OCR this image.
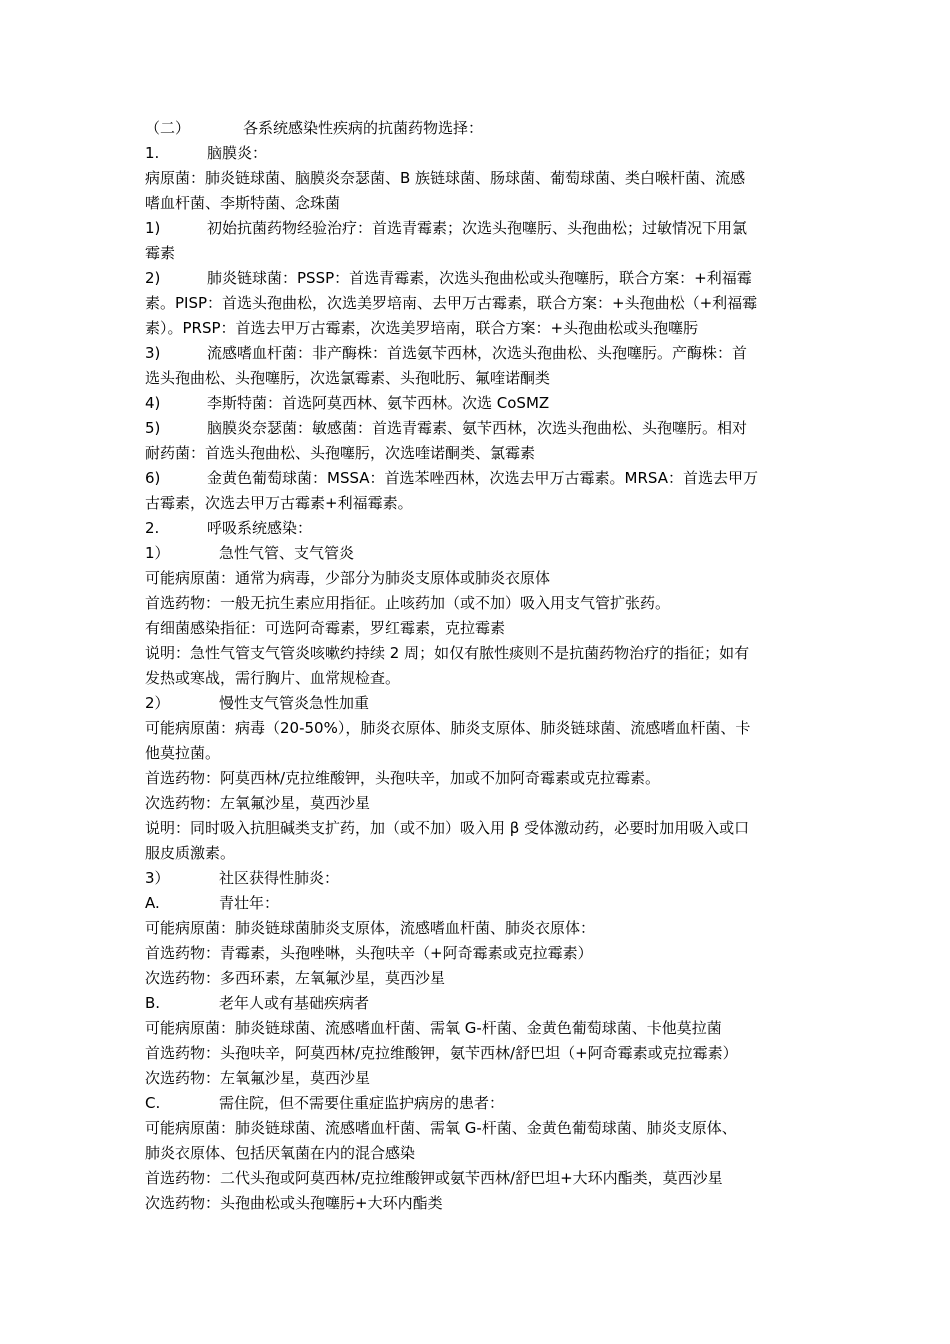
（二）	各系统感染性疾病的抗菌药物选择：
1.	脑膜炎：
病原菌：肺炎链球菌、脑膜炎奈瑟菌、B 族链球菌、肠球菌、葡萄球菌、类白喉杆菌、流感
嗜血杆菌、李斯特菌、念珠菌
1)	初始抗菌药物经验治疗：首选青霉素；次选头孢噻肟、头孢曲松；过敏情况下用氯
霉素
2)	肺炎链球菌：PSSP：首选青霉素，次选头孢曲松或头孢噻肟，联合方案：+利福霉
素。PISP：首选头孢曲松，次选美罗培南、去甲万古霉素，联合方案：+头孢曲松（+利福霉
素）。PRSP：首选去甲万古霉素，次选美罗培南，联合方案：+头孢曲松或头孢噻肟
3)	流感嗜血杆菌：非产酶株：首选氨苄西林，次选头孢曲松、头孢噻肟。产酶株：首
选头孢曲松、头孢噻肟，次选氯霉素、头孢吡肟、氟喹诺酮类
4)	李斯特菌：首选阿莫西林、氨苄西林。次选 CoSMZ
5)	脑膜炎奈瑟菌：敏感菌：首选青霉素、氨苄西林，次选头孢曲松、头孢噻肟。相对
耐药菌：首选头孢曲松、头孢噻肟，次选喹诺酮类、氯霉素
6)	金黄色葡萄球菌：MSSA：首选苯唑西林，次选去甲万古霉素。MRSA：首选去甲万
古霉素，次选去甲万古霉素+利福霉素。
2.	呼吸系统感染：
1）	急性气管、支气管炎
可能病原菌：通常为病毒，少部分为肺炎支原体或肺炎衣原体
首选药物：一般无抗生素应用指征。止咳药加（或不加）吸入用支气管扩张药。
有细菌感染指征：可选阿奇霉素，罗红霉素，克拉霉素
说明：急性气管支气管炎咳嗽约持续 2 周；如仅有脓性痰则不是抗菌药物治疗的指征；如有
发热或寒战，需行胸片、血常规检查。
2）	慢性支气管炎急性加重
可能病原菌：病毒（20-50%），肺炎衣原体、肺炎支原体、肺炎链球菌、流感嗜血杆菌、卡
他莫拉菌。
首选药物：阿莫西林/克拉维酸钾，头孢呋辛，加或不加阿奇霉素或克拉霉素。
次选药物：左氧氟沙星，莫西沙星
说明：同时吸入抗胆碱类支扩药，加（或不加）吸入用 β 受体激动药，必要时加用吸入或口
服皮质激素。
3）	社区获得性肺炎：
A.	青壮年：
可能病原菌：肺炎链球菌肺炎支原体，流感嗜血杆菌、肺炎衣原体：
首选药物：青霉素，头孢唑啉，头孢呋辛（+阿奇霉素或克拉霉素）
次选药物：多西环素，左氧氟沙星，莫西沙星
B.	老年人或有基础疾病者
可能病原菌：肺炎链球菌、流感嗜血杆菌、需氧 G-杆菌、金黄色葡萄球菌、卡他莫拉菌
首选药物：头孢呋辛，阿莫西林/克拉维酸钾，氨苄西林/舒巴坦（+阿奇霉素或克拉霉素）
次选药物：左氧氟沙星，莫西沙星
C.	需住院，但不需要住重症监护病房的患者：
可能病原菌：肺炎链球菌、流感嗜血杆菌、需氧 G-杆菌、金黄色葡萄球菌、肺炎支原体、
肺炎衣原体、包括厌氧菌在内的混合感染
首选药物：二代头孢或阿莫西林/克拉维酸钾或氨苄西林/舒巴坦+大环内酯类，莫西沙星
次选药物：头孢曲松或头孢噻肟+大环内酯类
